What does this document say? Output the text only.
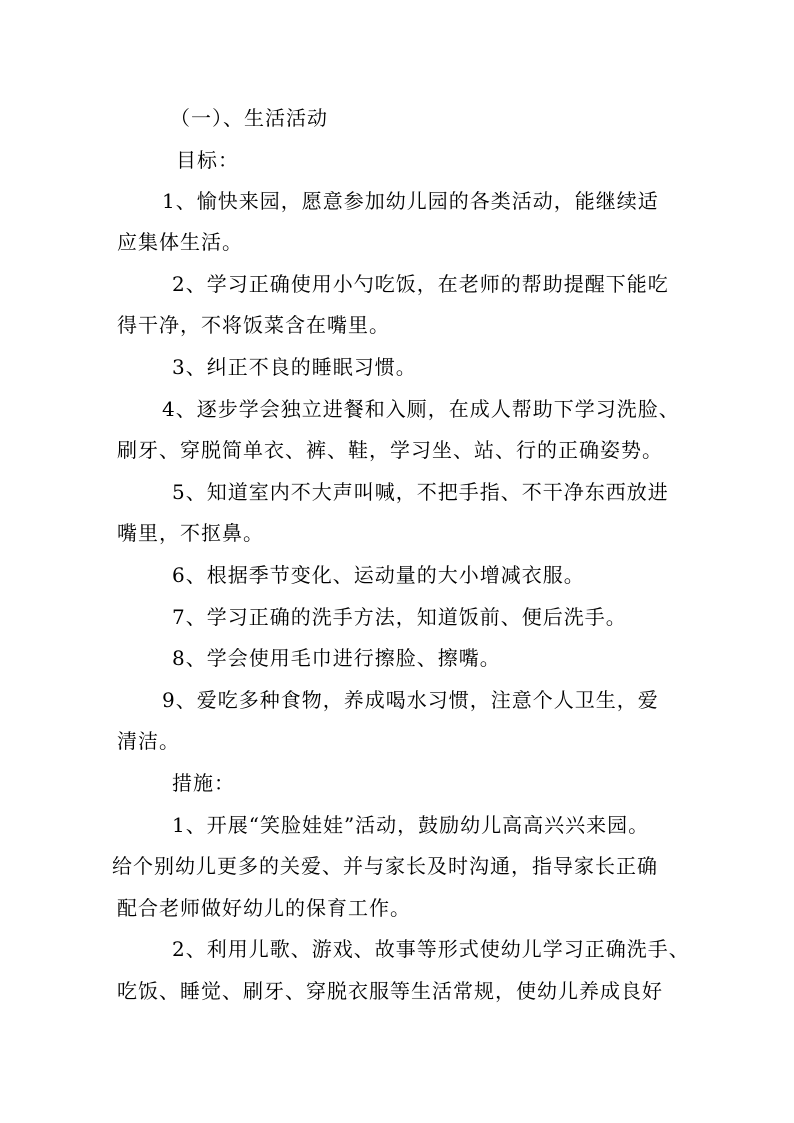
（一）、生活活动

目标：

1、愉快来园，愿意参加幼儿园的各类活动，能继续适

应集体生活。

2、学习正确使用小勺吃饭，在老师的帮助提醒下能吃

得干净，不将饭菜含在嘴里。

3、纠正不良的睡眠习惯。

4、逐步学会独立进餐和入厕，在成人帮助下学习洗脸、

刷牙、穿脱简单衣、裤、鞋，学习坐、站、行的正确姿势。

5、知道室内不大声叫喊，不把手指、不干净东西放进

嘴里，不抠鼻。

6、根据季节变化、运动量的大小增减衣服。

7、学习正确的洗手方法，知道饭前、便后洗手。

8、学会使用毛巾进行擦脸、擦嘴。

9、爱吃多种食物，养成喝水习惯，注意个人卫生，爱

清洁。

措施：

1、开展“笑脸娃娃”活动，鼓励幼儿高高兴兴来园。

给个别幼儿更多的关爱、并与家长及时沟通，指导家长正确

配合老师做好幼儿的保育工作。

2、利用儿歌、游戏、故事等形式使幼儿学习正确洗手、

吃饭、睡觉、刷牙、穿脱衣服等生活常规，使幼儿养成良好
